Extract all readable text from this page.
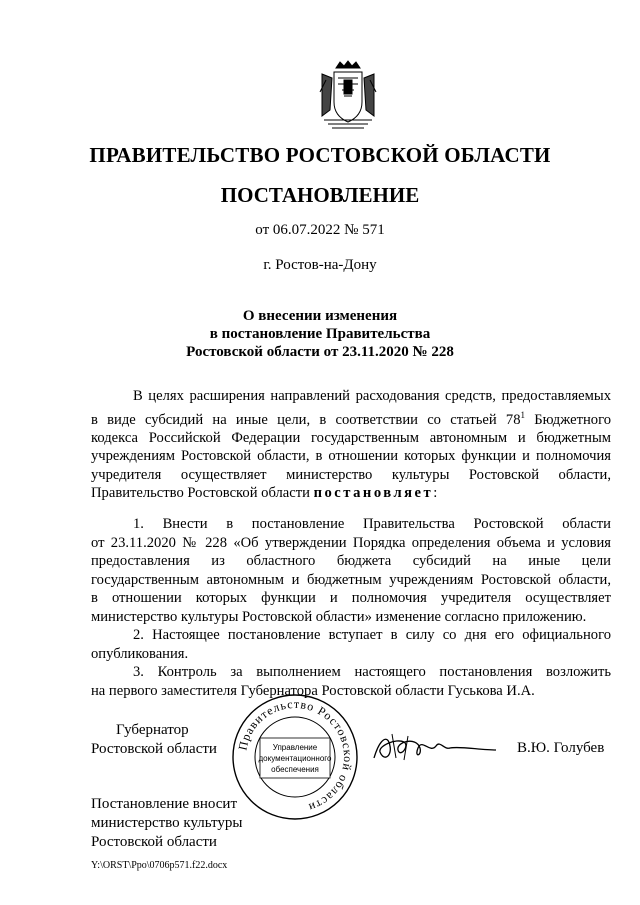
ПРАВИТЕЛЬСТВО РОСТОВСКОЙ ОБЛАСТИ
ПОСТАНОВЛЕНИЕ
от 06.07.2022 № 571
г. Ростов-на-Дону
О внесении изменения
в постановление Правительства
Ростовской области от 23.11.2020 № 228
В целях расширения направлений расходования средств, предоставляемых
в виде субсидий на иные цели, в соответствии со статьей $78^1$ Бюджетного
кодекса Российской Федерации государственным автономным и бюджетным
учреждениям Ростовской области, в отношении которых функции и полномочия
учредителя осуществляет министерство культуры Ростовской области,
Правительство Ростовской области постановляет:
1. Внести в постановление Правительства Ростовской области
от 23.11.2020 № 228 «Об утверждении Порядка определения объема и условия
предоставления из областного бюджета субсидий на иные цели
государственным автономным и бюджетным учреждениям Ростовской области,
в отношении которых функции и полномочия учредителя осуществляет
министерство культуры Ростовской области» изменение согласно приложению.
2. Настоящее постановление вступает в силу со дня его официального
опубликования.
3. Контроль за выполнением настоящего постановления возложить
на первого заместителя Губернатора Ростовской области Гуськова И.А.
Губернатор
Ростовской области Правительство Ростовской области
Управление
документационного
обеспечения
В.Ю. Голубев
Постановление вносит
министерство культуры
Ростовской области
Y:\ORST\Ppo\0706p571.f22.docx
